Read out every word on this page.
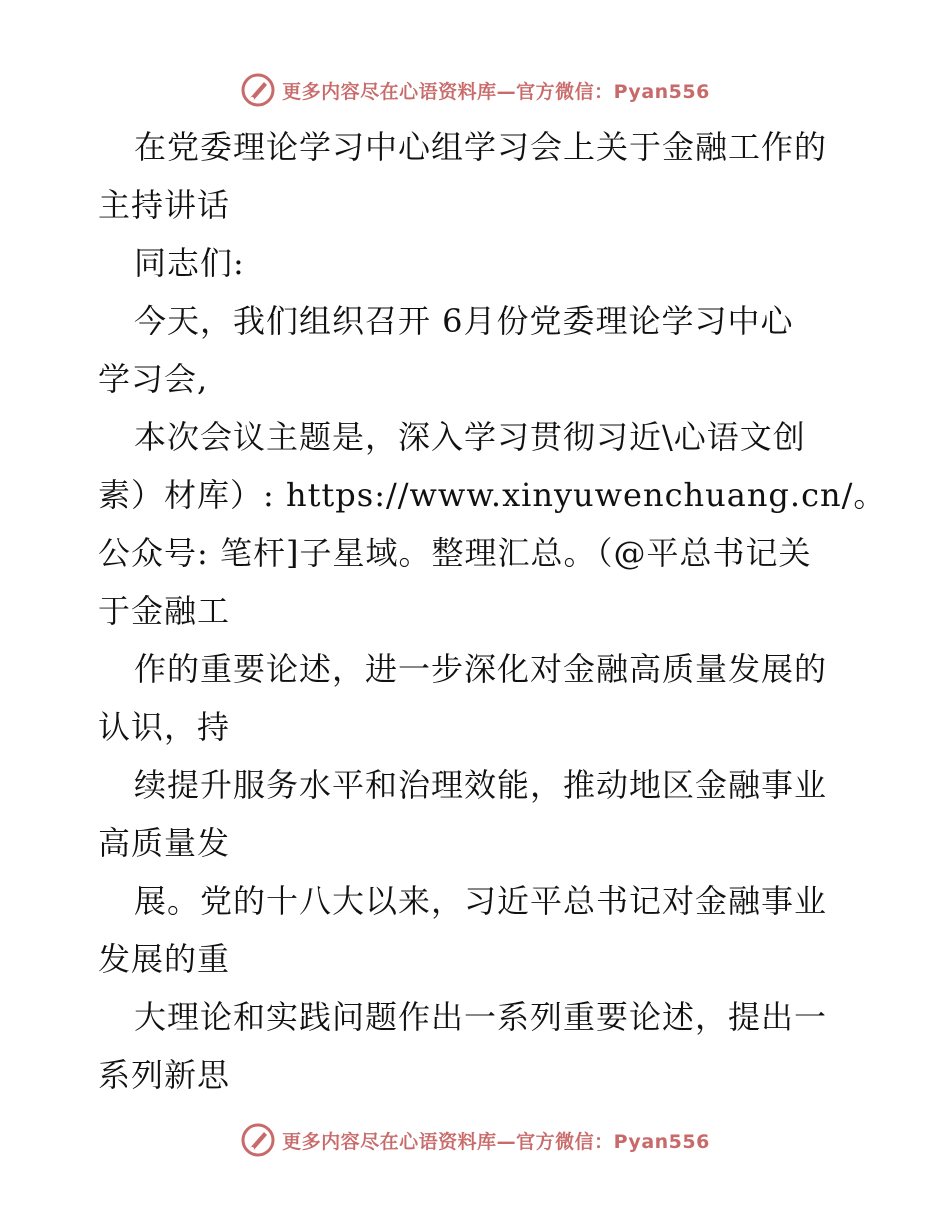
更多内容尽在心语资料库—官方微信：Pyan556
在党委理论学习中心组学习会上关于金融工作的
主持讲话
同志们:
今天，我们组织召开 6月份党委理论学习中心
学习会,
本次会议主题是，深入学习贯彻习近\心语文创
素）材库）: https://www.xinyuwenchuang.cn/。
公众号: 笔杆]子星域。整理汇总。（@平总书记关
于金融工
作的重要论述，进一步深化对金融高质量发展的
认识，持
续提升服务水平和治理效能，推动地区金融事业
高质量发
展。党的十八大以来，习近平总书记对金融事业
发展的重
大理论和实践问题作出一系列重要论述，提出一
系列新思
更多内容尽在心语资料库—官方微信：Pyan556
